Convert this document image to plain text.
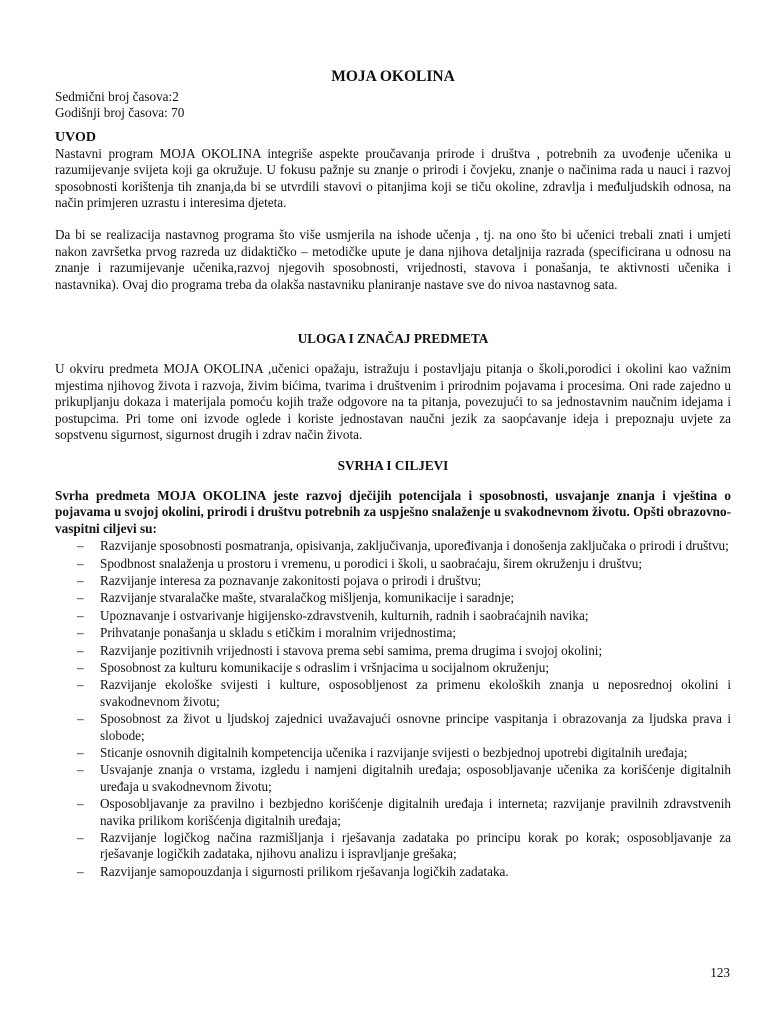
MOJA OKOLINA

Sedmični broj časova:2

Godišnji broj časova: 70

UVOD

Nastavni program MOJA OKOLINA integriše aspekte proučavanja prirode i društva , potrebnih za uvođenje učenika u razumijevanje svijeta koji ga okružuje. U fokusu pažnje su znanje o prirodi i čovjeku, znanje o načinima rada u nauci i razvoj sposobnosti korištenja tih znanja,da bi se utvrdili stavovi o pitanjima koji se tiču okoline, zdravlja i međuljudskih odnosa, na način primjeren uzrastu i interesima djeteta.

Da bi se realizacija nastavnog programa što više usmjerila na ishode učenja , tj. na ono što bi učenici trebali znati i umjeti nakon završetka prvog razreda uz didaktičko – metodičke upute je dana njihova detaljnija razrada (specificirana u odnosu na znanje i razumijevanje učenika,razvoj njegovih sposobnosti, vrijednosti, stavova i ponašanja, te aktivnosti učenika i nastavnika). Ovaj dio programa treba da olakša nastavniku planiranje nastave sve do nivoa nastavnog sata.

ULOGA I ZNAČAJ PREDMETA

U okviru predmeta MOJA OKOLINA ,učenici opažaju, istražuju i postavljaju pitanja o školi,porodici i okolini kao važnim mjestima njihovog života i razvoja, živim bićima, tvarima i društvenim i prirodnim pojavama i procesima. Oni rade zajedno u prikupljanju dokaza i materijala pomoću kojih traže odgovore na ta pitanja, povezujući to sa jednostavnim naučnim idejama i postupcima. Pri tome oni izvode oglede i koriste jednostavan naučni jezik za saopćavanje ideja i prepoznaju uvjete za sopstvenu sigurnost, sigurnost drugih i zdrav način života.

SVRHA I CILJEVI

Svrha predmeta MOJA OKOLINA jeste razvoj dječijih potencijala i sposobnosti, usvajanje znanja i vještina o pojavama u svojoj okolini, prirodi i društvu potrebnih za uspješno snalaženje u svakodnevnom životu. Opšti obrazovno-vaspitni ciljevi su:

– Razvijanje sposobnosti posmatranja, opisivanja, zaključivanja, upoređivanja i donošenja zaključaka o prirodi i društvu;
– Spodbnost snalaženja u prostoru i vremenu, u porodici i školi, u saobraćaju, širem okruženju i društvu;
– Razvijanje interesa za poznavanje zakonitosti pojava o prirodi i društvu;
– Razvijanje stvaralačke mašte, stvaralačkog mišljenja, komunikacije i saradnje;
– Upoznavanje i ostvarivanje higijensko-zdravstvenih, kulturnih, radnih i saobraćajnih navika;
– Prihvatanje ponašanja u skladu s etičkim i moralnim vrijednostima;
– Razvijanje pozitivnih vrijednosti i stavova prema sebi samima, prema drugima i svojoj okolini;
– Sposobnost za kulturu komunikacije s odraslim i vršnjacima u socijalnom okruženju;
– Razvijanje ekološke svijesti i kulture, osposobljenost za primenu ekoloških znanja u neposrednoj okolini i svakodnevnom životu;
– Sposobnost za život u ljudskoj zajednici uvažavajući osnovne principe vaspitanja i obrazovanja za ljudska prava i slobode;
– Sticanje osnovnih digitalnih kompetencija učenika i razvijanje svijesti o bezbjednoj upotrebi digitalnih uređaja;
– Usvajanje znanja o vrstama, izgledu i namjeni digitalnih uređaja; osposobljavanje učenika za korišćenje digitalnih uređaja u svakodnevnom životu;
– Osposobljavanje za pravilno i bezbjedno korišćenje digitalnih uređaja i interneta; razvijanje pravilnih zdravstvenih navika prilikom korišćenja digitalnih uređaja;
– Razvijanje logičkog načina razmišljanja i rješavanja zadataka po principu korak po korak; osposobljavanje za rješavanje logičkih zadataka, njihovu analizu i ispravljanje grešaka;
– Razvijanje samopouzdanja i sigurnosti prilikom rješavanja logičkih zadataka.
123
